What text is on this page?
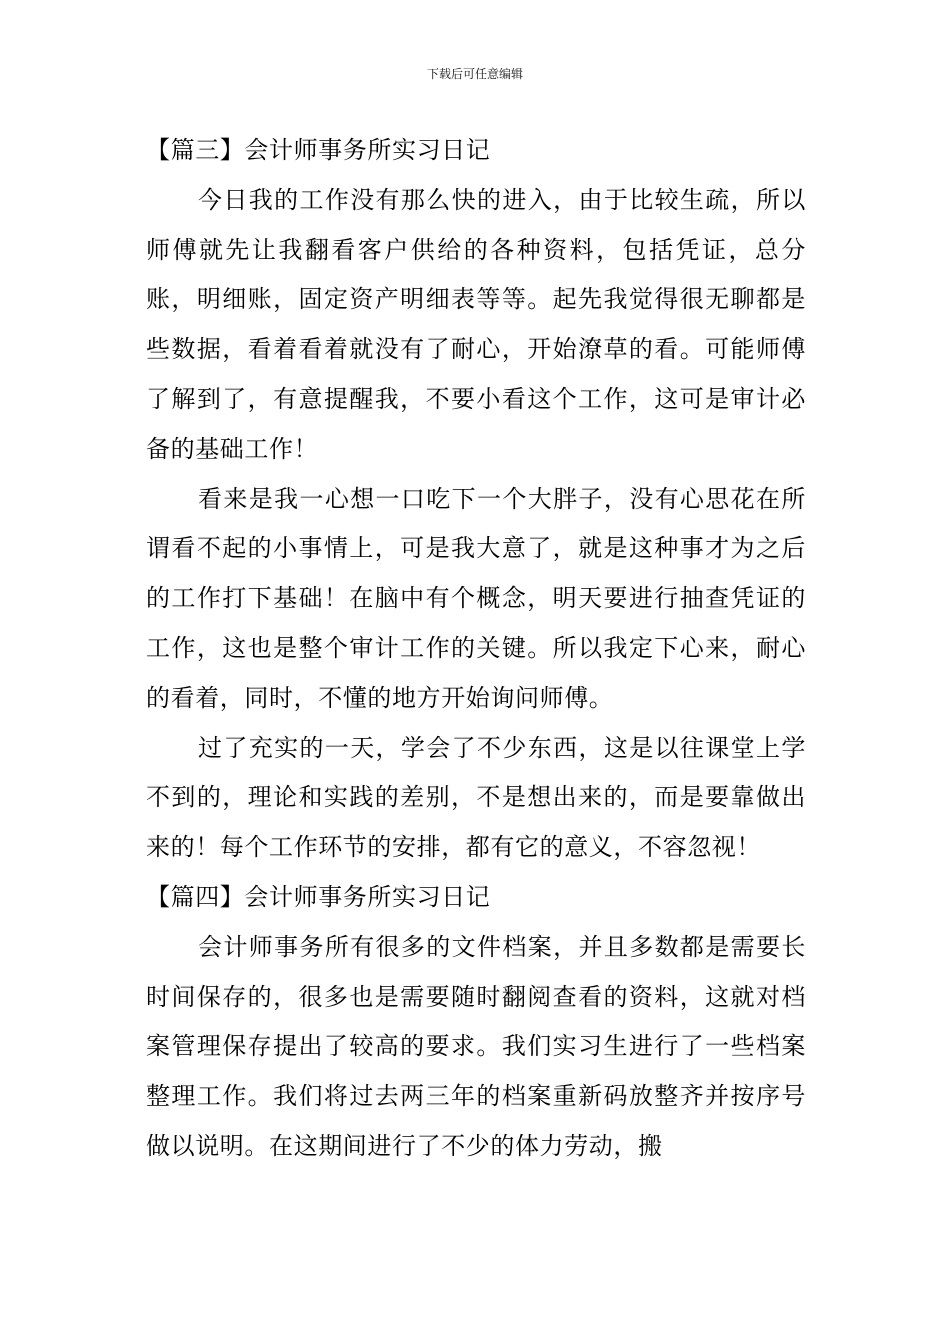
下载后可任意编辑
【篇三】会计师事务所实习日记

今日我的工作没有那么快的进入，由于比较生疏，所以师傅就先让我翻看客户供给的各种资料，包括凭证，总分账，明细账，固定资产明细表等等。起先我觉得很无聊都是些数据，看着看着就没有了耐心，开始潦草的看。可能师傅了解到了，有意提醒我，不要小看这个工作，这可是审计必备的基础工作！

看来是我一心想一口吃下一个大胖子，没有心思花在所谓看不起的小事情上，可是我大意了，就是这种事才为之后的工作打下基础！在脑中有个概念，明天要进行抽查凭证的工作，这也是整个审计工作的关键。所以我定下心来，耐心的看着，同时，不懂的地方开始询问师傅。

过了充实的一天，学会了不少东西，这是以往课堂上学不到的，理论和实践的差别，不是想出来的，而是要靠做出来的！每个工作环节的安排，都有它的意义，不容忽视！

【篇四】会计师事务所实习日记

会计师事务所有很多的文件档案，并且多数都是需要长时间保存的，很多也是需要随时翻阅查看的资料，这就对档案管理保存提出了较高的要求。我们实习生进行了一些档案整理工作。我们将过去两三年的档案重新码放整齐并按序号做以说明。在这期间进行了不少的体力劳动，搬
